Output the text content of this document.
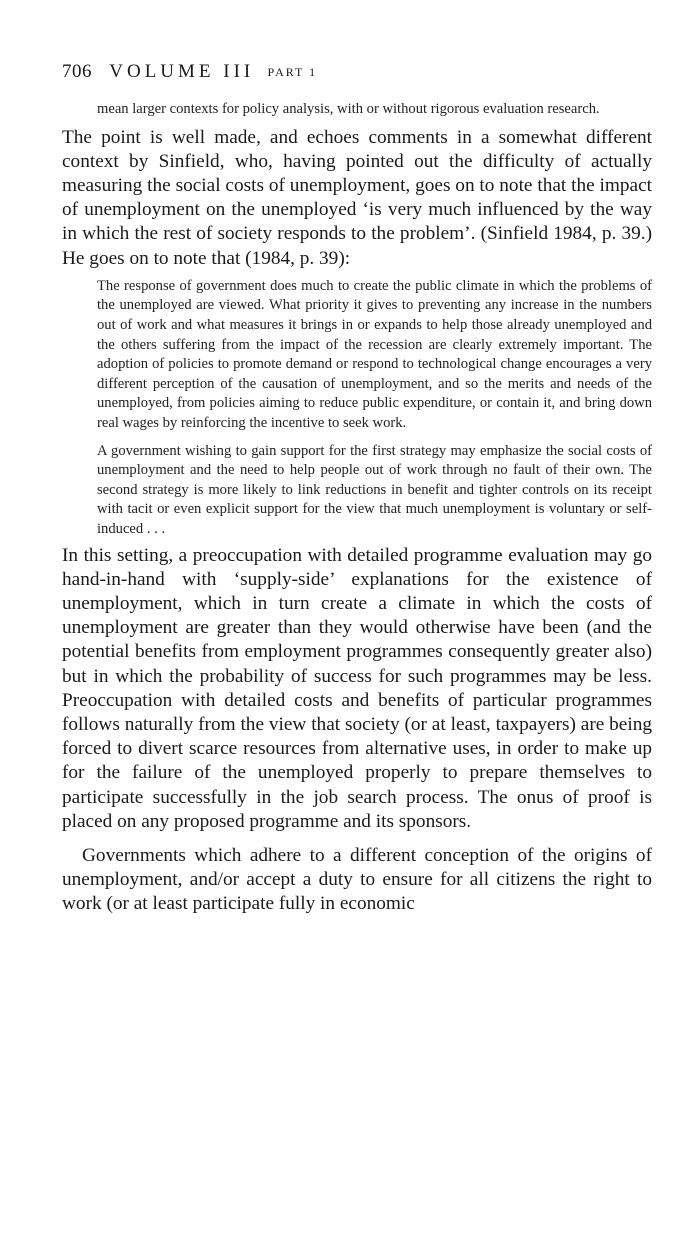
706 VOLUME III PART 1

mean larger contexts for policy analysis, with or without rigorous evaluation research.

The point is well made, and echoes comments in a somewhat different context by Sinfield, who, having pointed out the difficulty of actually measuring the social costs of unemployment, goes on to note that the impact of unemployment on the unemployed ‘is very much influenced by the way in which the rest of society responds to the problem’. (Sinfield 1984, p. 39.) He goes on to note that (1984, p. 39):

The response of government does much to create the public climate in which the problems of the unemployed are viewed. What priority it gives to preventing any increase in the numbers out of work and what measures it brings in or expands to help those already unemployed and the others suffering from the impact of the recession are clearly extremely important. The adoption of policies to promote demand or respond to technological change encourages a very different perception of the causation of unemployment, and so the merits and needs of the unemployed, from policies aiming to reduce public expenditure, or contain it, and bring down real wages by reinforcing the incentive to seek work.

A government wishing to gain support for the first strategy may emphasize the social costs of unemployment and the need to help people out of work through no fault of their own. The second strategy is more likely to link reductions in benefit and tighter controls on its receipt with tacit or even explicit support for the view that much unemployment is voluntary or self-induced . . .

In this setting, a preoccupation with detailed programme evaluation may go hand-in-hand with ‘supply-side’ explanations for the existence of unemployment, which in turn create a climate in which the costs of unemployment are greater than they would otherwise have been (and the potential benefits from employment programmes consequently greater also) but in which the probability of success for such programmes may be less. Preoccupation with detailed costs and benefits of particular programmes follows naturally from the view that society (or at least, taxpayers) are being forced to divert scarce resources from alternative uses, in order to make up for the failure of the unemployed properly to prepare themselves to participate successfully in the job search process. The onus of proof is placed on any proposed programme and its sponsors.

Governments which adhere to a different conception of the origins of unemployment, and/or accept a duty to ensure for all citizens the right to work (or at least participate fully in economic
